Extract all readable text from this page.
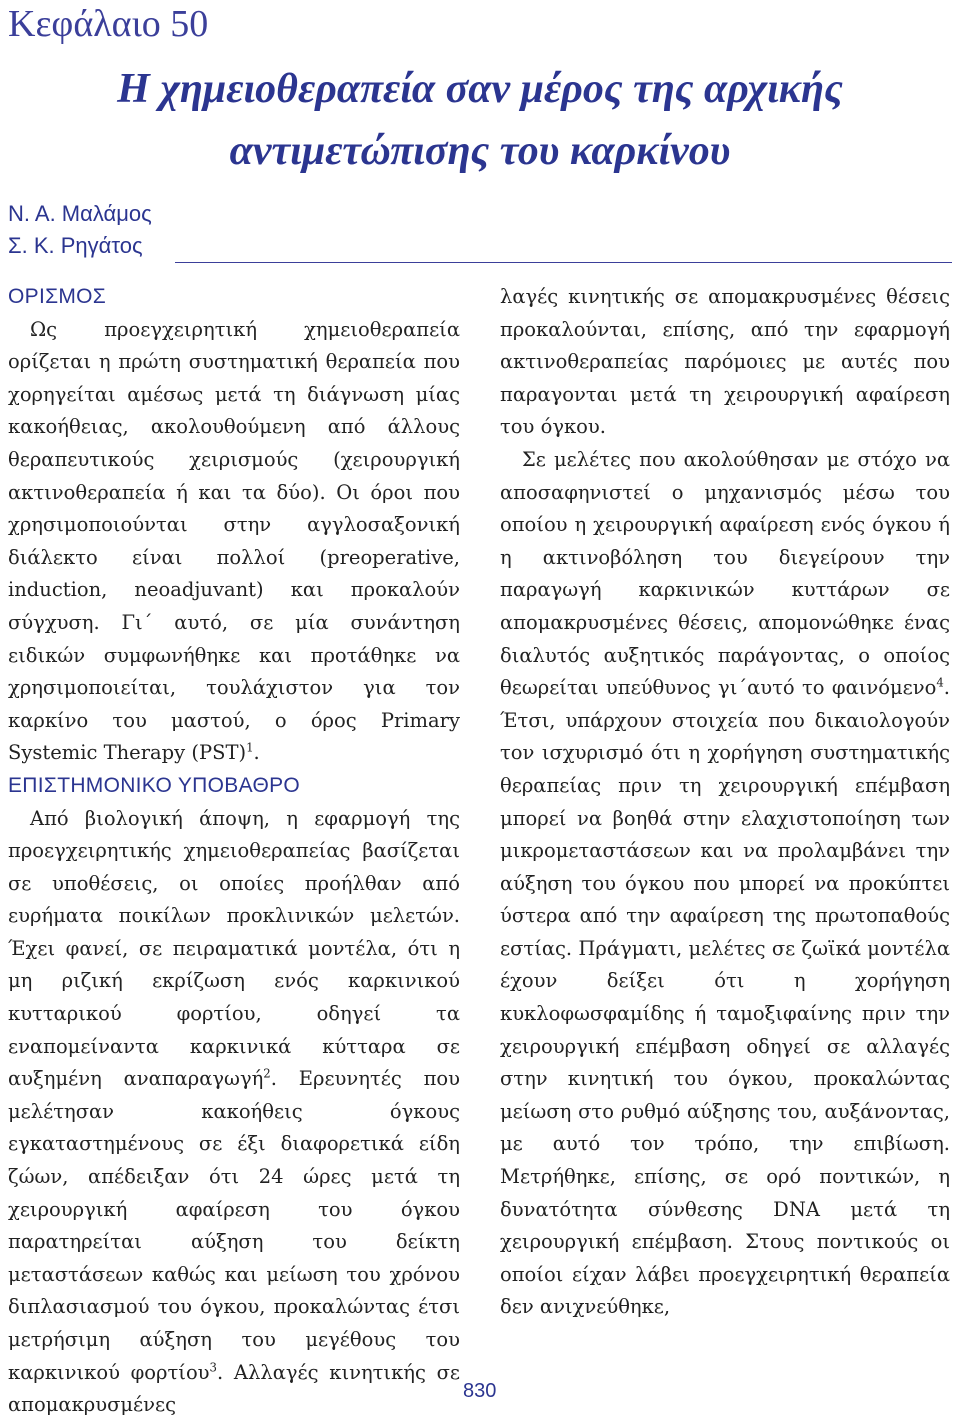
Κεφάλαιο 50
Η χημειοθεραπεία σαν μέρος της αρχικής
αντιμετώπισης του καρκίνου
Ν. Α. Μαλάμος
Σ. Κ. Ρηγάτος
ΟΡΙΣΜΟΣ

Ως προεγχειρητική χημειοθεραπεία ορίζεται η πρώτη συστηματική θεραπεία που χορηγείται αμέσως μετά τη διάγνωση μίας κακοήθειας, ακολουθούμενη από άλλους θεραπευτικούς χειρισμούς (χειρουργική ακτινοθεραπεία ή και τα δύο). Οι όροι που χρησιμοποιούνται στην αγγλοσαξονική διάλεκτο είναι πολλοί (preoperative, induction, neoadjuvant) και προκαλούν σύγχυση. Γι΄ αυτό, σε μία συνάντηση ειδικών συμφωνήθηκε και προτάθηκε να χρησιμοποιείται, τουλάχιστον για τον καρκίνο του μαστού, ο όρος Primary Systemic Therapy (PST)$^1$.

ΕΠΙΣΤΗΜΟΝΙΚΟ ΥΠΟΒΑΘΡΟ

Από βιολογική άποψη, η εφαρμογή της προεγχειρητικής χημειοθεραπείας βασίζεται σε υποθέσεις, οι οποίες προήλθαν από ευρήματα ποικίλων προκλινικών μελετών. Έχει φανεί, σε πειραματικά μοντέλα, ότι η μη ριζική εκρίζωση ενός καρκινικού κυτταρικού φορτίου, οδηγεί τα εναπομείναντα καρκινικά κύτταρα σε αυξημένη αναπαραγωγή$^2$. Ερευνητές που μελέτησαν κακοήθεις όγκους εγκαταστημένους σε έξι διαφορετικά είδη ζώων, απέδειξαν ότι 24 ώρες μετά τη χειρουργική αφαίρεση του όγκου παρατηρείται αύξηση του δείκτη μεταστάσεων καθώς και μείωση του χρόνου διπλασιασμού του όγκου, προκαλώντας έτσι μετρήσιμη αύξηση του μεγέθους του καρκινικού φορτίου$^3$. Αλλαγές κινητικής σε απομακρυσμένες

λαγές κινητικής σε απομακρυσμένες θέσεις προκαλούνται, επίσης, από την εφαρμογή ακτινοθεραπείας παρόμοιες με αυτές που παραγονται μετά τη χειρουργική αφαίρεση του όγκου.

Σε μελέτες που ακολούθησαν με στόχο να αποσαφηνιστεί ο μηχανισμός μέσω του οποίου η χειρουργική αφαίρεση ενός όγκου ή η ακτινοβόληση του διεγείρουν την παραγωγή καρκινικών κυττάρων σε απομακρυσμένες θέσεις, απομονώθηκε ένας διαλυτός αυξητικός παράγοντας, ο οποίος θεωρείται υπεύθυνος γι΄αυτό το φαινόμενο$^4$. Έτσι, υπάρχουν στοιχεία που δικαιολογούν τον ισχυρισμό ότι η χορήγηση συστηματικής θεραπείας πριν τη χειρουργική επέμβαση μπορεί να βοηθά στην ελαχιστοποίηση των μικρομεταστάσεων και να προλαμβάνει την αύξηση του όγκου που μπορεί να προκύπτει ύστερα από την αφαίρεση της πρωτοπαθούς εστίας. Πράγματι, μελέτες σε ζωϊκά μοντέλα έχουν δείξει ότι η χορήγηση κυκλοφωσφαμίδης ή ταμοξιφαίνης πριν την χειρουργική επέμβαση οδηγεί σε αλλαγές στην κινητική του όγκου, προκαλώντας μείωση στο ρυθμό αύξησης του, αυξάνοντας, με αυτό τον τρόπο, την επιβίωση. Μετρήθηκε, επίσης, σε ορό ποντικών, η δυνατότητα σύνθεσης DNA μετά τη χειρουργική επέμβαση. Στους ποντικούς οι οποίοι είχαν λάβει προεγχειρητική θεραπεία δεν ανιχνεύθηκε,

830
